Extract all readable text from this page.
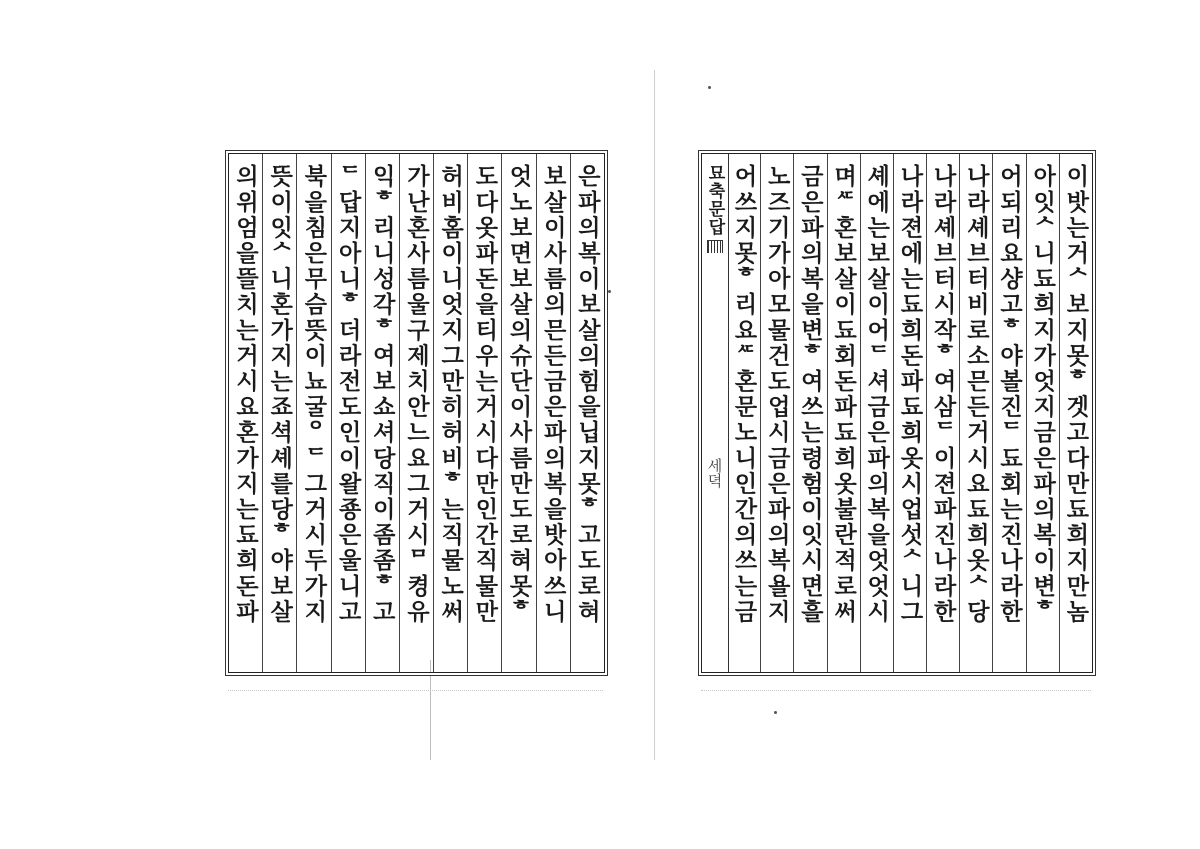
은파의복이보살의힘을닙지못ᄒ고도로혀
보살이사름의믄든금은파의복을밧아쓰니
엇노보면보살의슈단이사름만도로혀못ᄒ
도다옷파돈을티우는거시다만인간직물만
허비홈이니엇지그만히허비ᄒ는직물노써
가난혼사름울구제치안느요그거시ᄆ켱유
익ᄒ리니성각ᄒ여보쇼셔당직이좀좀ᄒ고
ᄃ답지아니ᄒ더라전도인이왈죵은울니고
북을침은무슴뜻이뇨굴ᄋᄃ그거시두가지
뜻이잇ᄉ니혼가지는죠셕셰를당ᄒ야보살
의위엄을뜰치는거시요혼가지는됴희돈파	묘축문답
세뎍	이밧는거ᄉ보지못ᄒ겟고다만됴희지만놈
아잇ᄉ니됴희지가엇지금은파의복이변ᄒ
어되리요샹고ᄒ야볼진ᄃ됴회는진나라한
나라셰브터비로소믄든거시요됴희옷ᄉ당
나라셰브터시작ᄒ여삼ᄃ이젼파진나라한
나라젼에는됴희돈파됴희옷시업섯ᄉ니그
셰에는보살이어ᄃ셔금은파의복을엇엇시
며ᄯ혼보살이됴회돈파됴희옷불란적로써
금은파의복을변ᄒ여쓰는령험이잇시면흘
노즈기가아모물건도업시금은파의복욜지
어쓰지못ᄒ리요ᄯ혼문노니인간의쓰는금
